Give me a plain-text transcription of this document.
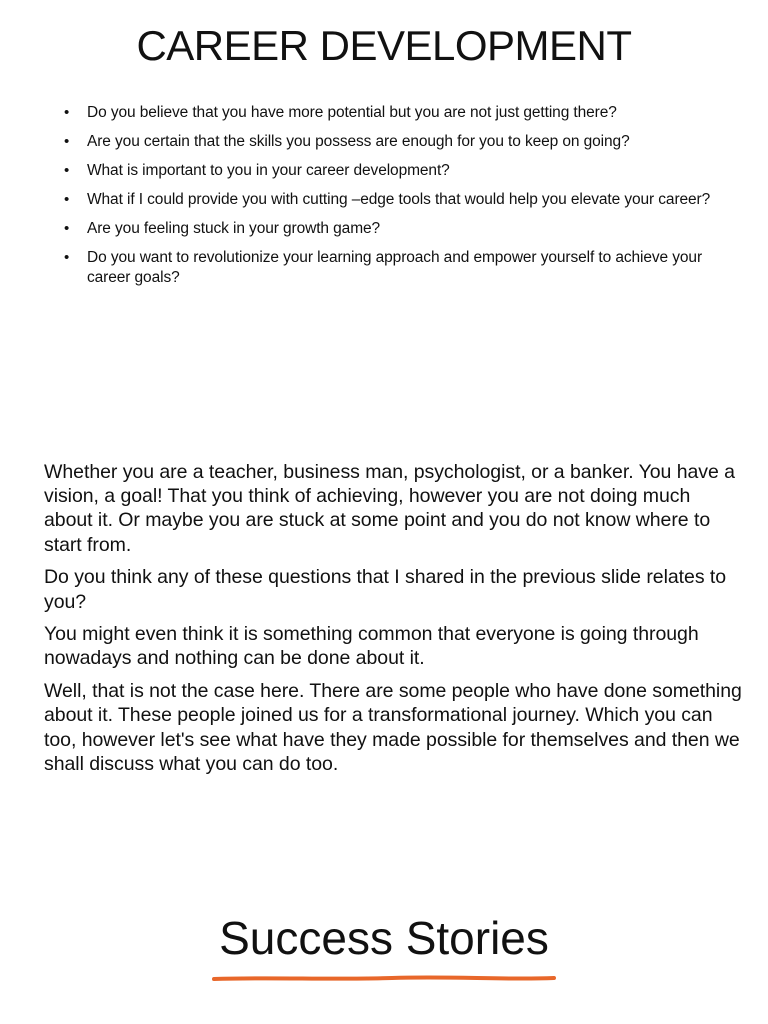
CAREER DEVELOPMENT
• Do you believe that you have more potential but you are not just getting there?
• Are you certain that the skills you possess are enough for you to keep on going?
• What is important to you in your career development?
• What if I could provide you with cutting –edge tools that would help you elevate your career?
• Are you feeling stuck in your growth game?
• Do you want to revolutionize your learning approach and empower yourself to achieve your career goals?

Whether you are a teacher, business man, psychologist, or a banker. You have a vision, a goal! That you think of achieving, however you are not doing much about it. Or maybe you are stuck at some point and you do not know where to start from.

Do you think any of these questions that I shared in the previous slide relates to you?

You might even think it is something common that everyone is going through nowadays and nothing can be done about it.

Well, that is not the case here. There are some people who have done something about it. These people joined us for a transformational journey. Which you can too, however let's see what have they made possible for themselves and then we shall discuss what you can do too.

Success Stories
